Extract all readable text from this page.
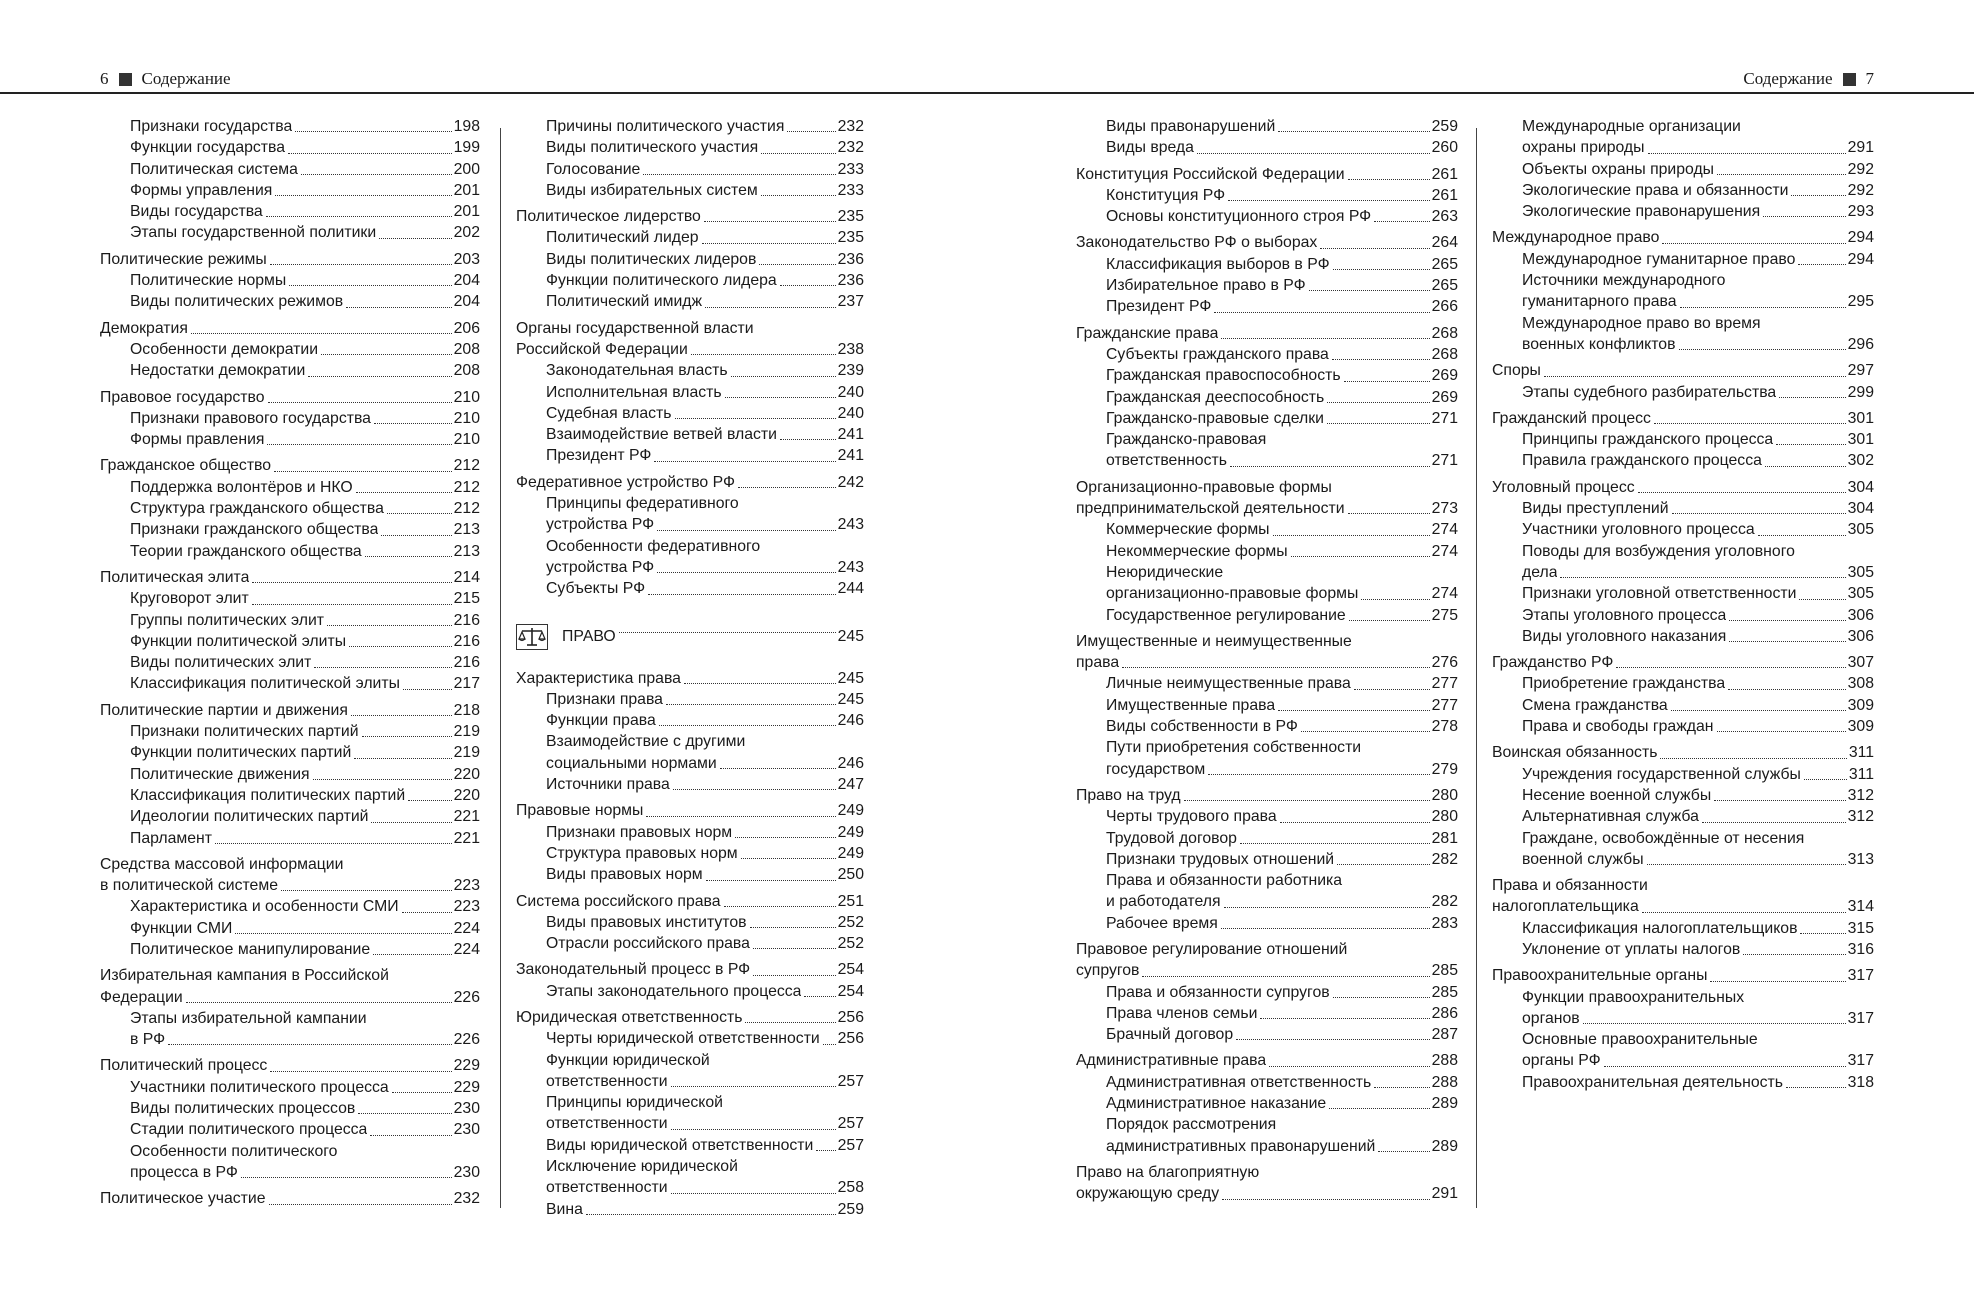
6 Содержание	Содержание 7
Признаки государства	198
Функции государства	199
Политическая система	200
Формы управления	201
Виды государства	201
Этапы государственной политики	202
Политические режимы	203
Политические нормы	204
Виды политических режимов	204
Демократия	206
Особенности демократии	208
Недостатки демократии	208
Правовое государство	210
Признаки правового государства	210
Формы правления	210
Гражданское общество	212
Поддержка волонтёров и НКО	212
Структура гражданского общества	212
Признаки гражданского общества	213
Теории гражданского общества	213
Политическая элита	214
Круговорот элит	215
Группы политических элит	216
Функции политической элиты	216
Виды политических элит	216
Классификация политической элиты	217
Политические партии и движения	218
Признаки политических партий	219
Функции политических партий	219
Политические движения	220
Классификация политических партий	220
Идеологии политических партий	221
Парламент	221
Средства массовой информации
в политической системе	223
Характеристика и особенности СМИ	223
Функции СМИ	224
Политическое манипулирование	224
Избирательная кампания в Российской
Федерации	226
Этапы избирательной кампании
в РФ	226
Политический процесс	229
Участники политического процесса	229
Виды политических процессов	230
Стадии политического процесса	230
Особенности политического
процесса в РФ	230
Политическое участие	232
Причины политического участия	232
Виды политического участия	232
Голосование	233
Виды избирательных систем	233
Политическое лидерство	235
Политический лидер	235
Виды политических лидеров	236
Функции политического лидера	236
Политический имидж	237
Органы государственной власти
Российской Федерации	238
Законодательная власть	239
Исполнительная власть	240
Судебная власть	240
Взаимодействие ветвей власти	241
Президент РФ	241
Федеративное устройство РФ	242
Принципы федеративного
устройства РФ	243
Особенности федеративного
устройства РФ	243
Субъекты РФ	244
ПРАВО	245
Характеристика права	245
Признаки права	245
Функции права	246
Взаимодействие с другими
социальными нормами	246
Источники права	247
Правовые нормы	249
Признаки правовых норм	249
Структура правовых норм	249
Виды правовых норм	250
Система российского права	251
Виды правовых институтов	252
Отрасли российского права	252
Законодательный процесс в РФ	254
Этапы законодательного процесса 254
Юридическая ответственность	256
Черты юридической ответственности 256
Функции юридической
ответственности	257
Принципы юридической
ответственности	257
Виды юридической ответственности 257
Исключение юридической
ответственности	258
Вина	259
Виды правонарушений	259
Виды вреда	260
Конституция Российской Федерации	261
Конституция РФ	261
Основы конституционного строя РФ	263
Законодательство РФ о выборах	264
Классификация выборов в РФ	265
Избирательное право в РФ	265
Президент РФ	266
Гражданские права	268
Субъекты гражданского права	268
Гражданская правоспособность	269
Гражданская дееспособность	269
Гражданско-правовые сделки	271
Гражданско-правовая
ответственность	271
Организационно-правовые формы
предпринимательской деятельности	273
Коммерческие формы	274
Некоммерческие формы	274
Неюридические
организационно-правовые формы	274
Государственное регулирование	275
Имущественные и неимущественные
права	276
Личные неимущественные права	277
Имущественные права	277
Виды собственности в РФ	278
Пути приобретения собственности
государством	279
Право на труд	280
Черты трудового права	280
Трудовой договор	281
Признаки трудовых отношений	282
Права и обязанности работника
и работодателя	282
Рабочее время	283
Правовое регулирование отношений
супругов	285
Права и обязанности супругов	285
Права членов семьи	286
Брачный договор	287
Административные права	288
Административная ответственность	288
Административное наказание	289
Порядок рассмотрения
административных правонарушений	289
Право на благоприятную
окружающую среду	291
Международные организации
охраны природы	291
Объекты охраны природы	292
Экологические права и обязанности	292
Экологические правонарушения	293
Международное право	294
Международное гуманитарное право	294
Источники международного
гуманитарного права	295
Международное право во время
военных конфликтов	296
Споры	297
Этапы судебного разбирательства	299
Гражданский процесс	301
Принципы гражданского процесса	301
Правила гражданского процесса	302
Уголовный процесс	304
Виды преступлений	304
Участники уголовного процесса	305
Поводы для возбуждения уголовного
дела	305
Признаки уголовной ответственности	305
Этапы уголовного процесса	306
Виды уголовного наказания	306
Гражданство РФ	307
Приобретение гражданства	308
Смена гражданства	309
Права и свободы граждан	309
Воинская обязанность	311
Учреждения государственной службы	311
Несение военной службы	312
Альтернативная служба	312
Граждане, освобождённые от несения
военной службы	313
Права и обязанности
налогоплательщика	314
Классификация налогоплательщиков	315
Уклонение от уплаты налогов	316
Правоохранительные органы	317
Функции правоохранительных
органов	317
Основные правоохранительные
органы РФ	317
Правоохранительная деятельность	318
